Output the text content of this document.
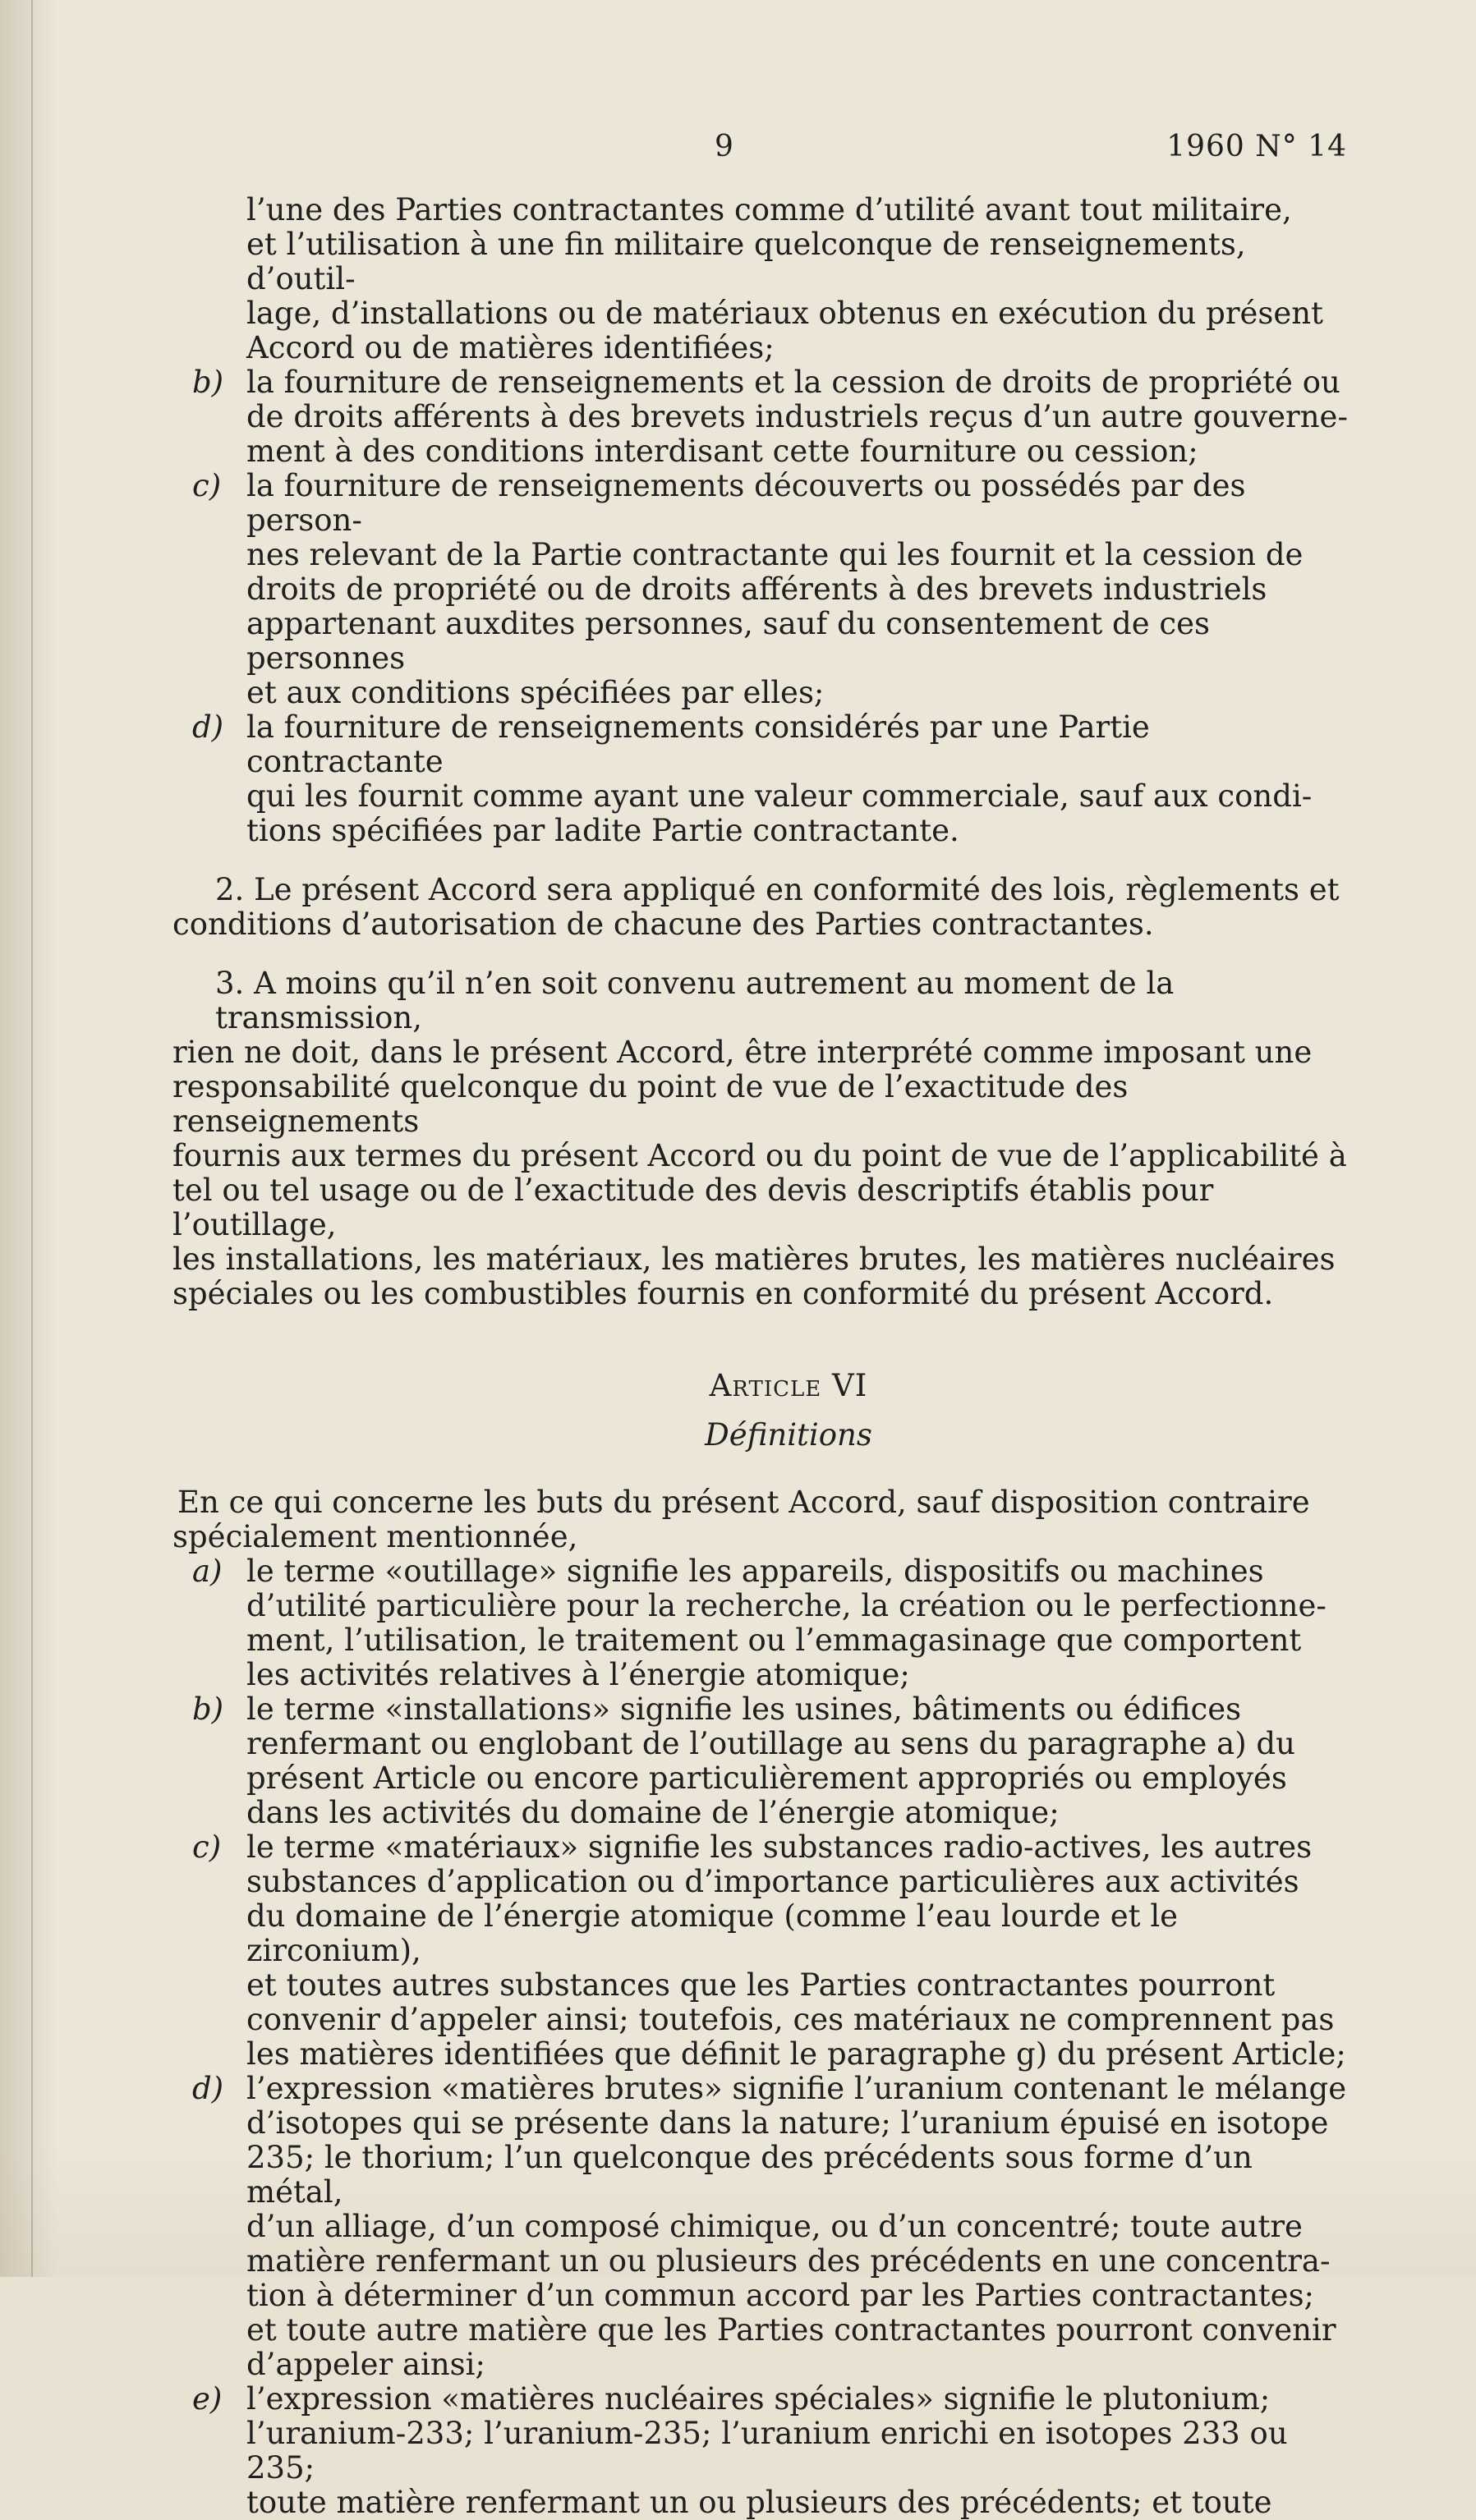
9	1960 N° 14
l’une des Parties contractantes comme d’utilité avant tout militaire,
et l’utilisation à une fin militaire quelconque de renseignements, d’outil-
lage, d’installations ou de matériaux obtenus en exécution du présent
Accord ou de matières identifiées;
b) la fourniture de renseignements et la cession de droits de propriété ou
de droits afférents à des brevets industriels reçus d’un autre gouverne-
ment à des conditions interdisant cette fourniture ou cession;
c) la fourniture de renseignements découverts ou possédés par des person-
nes relevant de la Partie contractante qui les fournit et la cession de
droits de propriété ou de droits afférents à des brevets industriels
appartenant auxdites personnes, sauf du consentement de ces personnes
et aux conditions spécifiées par elles;
d) la fourniture de renseignements considérés par une Partie contractante
qui les fournit comme ayant une valeur commerciale, sauf aux condi-
tions spécifiées par ladite Partie contractante.
2. Le présent Accord sera appliqué en conformité des lois, règlements et
conditions d’autorisation de chacune des Parties contractantes.
3. A moins qu’il n’en soit convenu autrement au moment de la transmission,
rien ne doit, dans le présent Accord, être interprété comme imposant une
responsabilité quelconque du point de vue de l’exactitude des renseignements
fournis aux termes du présent Accord ou du point de vue de l’applicabilité à
tel ou tel usage ou de l’exactitude des devis descriptifs établis pour l’outillage,
les installations, les matériaux, les matières brutes, les matières nucléaires
spéciales ou les combustibles fournis en conformité du présent Accord.
Article VI
Définitions
En ce qui concerne les buts du présent Accord, sauf disposition contraire
spécialement mentionnée,
a) le terme «outillage» signifie les appareils, dispositifs ou machines
d’utilité particulière pour la recherche, la création ou le perfectionne-
ment, l’utilisation, le traitement ou l’emmagasinage que comportent
les activités relatives à l’énergie atomique;
b) le terme «installations» signifie les usines, bâtiments ou édifices
renfermant ou englobant de l’outillage au sens du paragraphe a) du
présent Article ou encore particulièrement appropriés ou employés
dans les activités du domaine de l’énergie atomique;
c) le terme «matériaux» signifie les substances radio-actives, les autres
substances d’application ou d’importance particulières aux activités
du domaine de l’énergie atomique (comme l’eau lourde et le zirconium),
et toutes autres substances que les Parties contractantes pourront
convenir d’appeler ainsi; toutefois, ces matériaux ne comprennent pas
les matières identifiées que définit le paragraphe g) du présent Article;
d) l’expression «matières brutes» signifie l’uranium contenant le mélange
d’isotopes qui se présente dans la nature; l’uranium épuisé en isotope
235; le thorium; l’un quelconque des précédents sous forme d’un métal,
d’un alliage, d’un composé chimique, ou d’un concentré; toute autre
matière renfermant un ou plusieurs des précédents en une concentra-
tion à déterminer d’un commun accord par les Parties contractantes;
et toute autre matière que les Parties contractantes pourront convenir
d’appeler ainsi;
e) l’expression «matières nucléaires spéciales» signifie le plutonium;
l’uranium-233; l’uranium-235; l’uranium enrichi en isotopes 233 ou 235;
toute matière renfermant un ou plusieurs des précédents; et toute
